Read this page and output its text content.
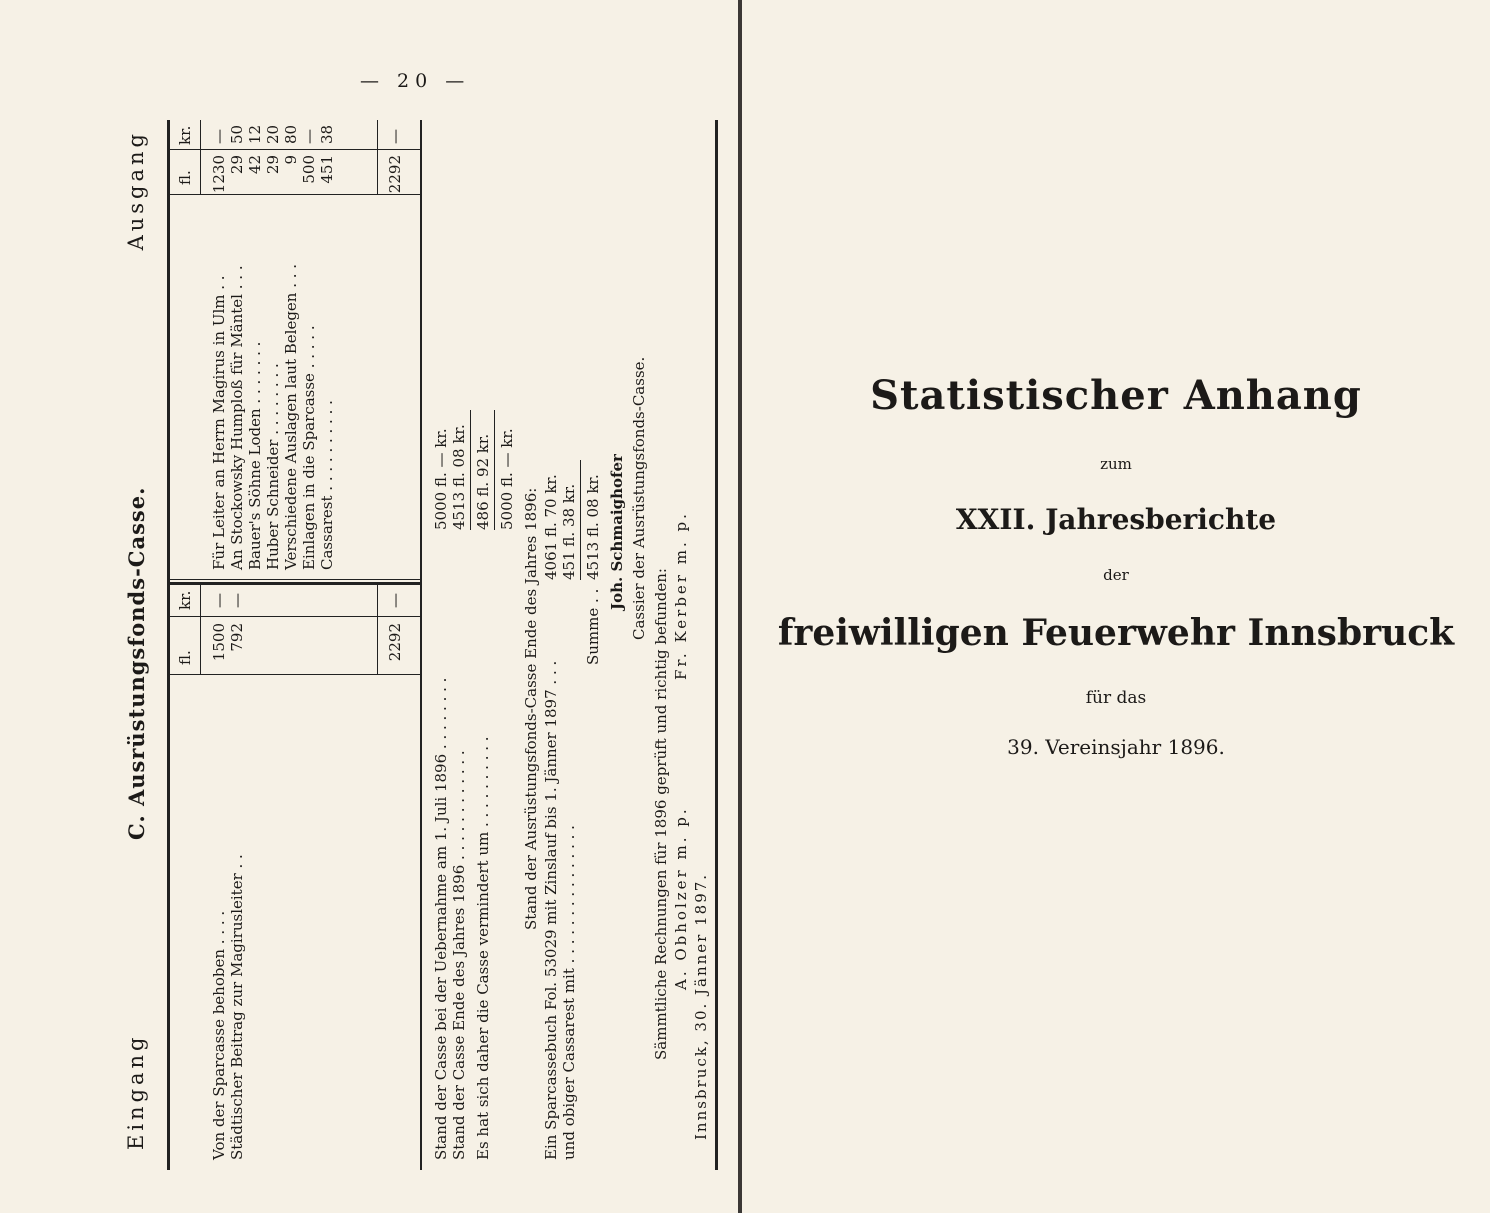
— 20 —
Eingang
C. Ausrüstungsfonds-Casse.
Ausgang
fl.
kr.
fl.
kr.
Von der Sparcasse behoben . . . .
1500
—
Städtischer Beitrag zur Magirusleiter . .
792
—
2292
—
Für Leiter an Herrn Magirus in Ulm . .
1230
—
An Stockowsky Humploß für Mäntel . . .
29
50
Bauer's Söhne Loden . . . . . . .
42
12
Huber Schneider . . . . . . . .
29
20
Verschiedene Auslagen laut Belegen . . .
9
80
Einlagen in die Sparcasse . . . . .
500
—
Cassarest . . . . . . . . . .
451
38
2292
—
Stand der Casse bei der Uebernahme am 1. Juli 1896 . . . . . . . .
5000 fl. — kr.
Stand der Casse Ende des Jahres 1896 . . . . . . . . . . . .
4513 fl. 08 kr.
Es hat sich daher die Casse vermindert um . . . . . . . . . .
486 fl. 92 kr. 5000 fl. — kr.
Stand der Ausrüstungsfonds-Casse Ende des Jahres 1896: Ein Sparcassebuch Fol. 53029 mit Zinslauf bis 1. Jänner 1897 . . .
4061 fl. 70 kr.
und obiger Cassarest mit . . . . . . . . . . . . . . .
451 fl. 38 kr.
Summe . .
4513 fl. 08 kr. Joh. Schmaighofer Cassier der Ausrüstungsfonds-Casse.
Sämmtliche Rechnungen für 1896 geprüft und richtig befunden: A. Obholzer m. p.
Fr. Kerber m. p.
Innsbruck, 30. Jänner 1897.
Statistischer Anhang
zum
XXII. Jahresberichte
der
freiwilligen Feuerwehr Innsbruck
für das
39. Vereinsjahr 1896.
